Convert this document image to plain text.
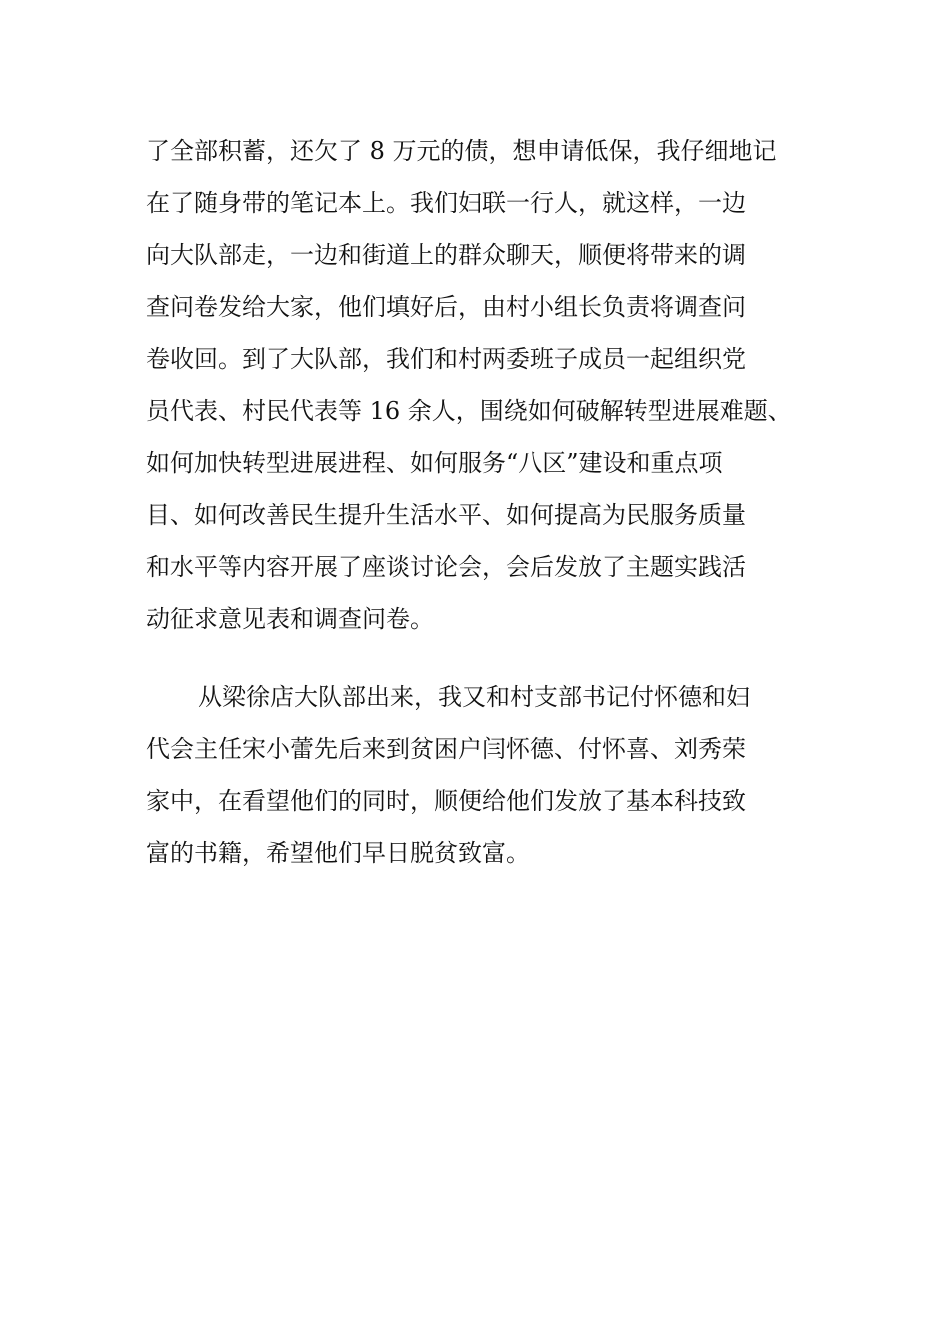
了全部积蓄，还欠了 8 万元的债，想申请低保，我仔细地记
在了随身带的笔记本上。我们妇联一行人，就这样，一边
向大队部走，一边和街道上的群众聊天，顺便将带来的调
查问卷发给大家，他们填好后，由村小组长负责将调查问
卷收回。到了大队部，我们和村两委班子成员一起组织党
员代表、村民代表等 16 余人，围绕如何破解转型进展难题、
如何加快转型进展进程、如何服务“八区”建设和重点项
目、如何改善民生提升生活水平、如何提高为民服务质量
和水平等内容开展了座谈讨论会，会后发放了主题实践活
动征求意见表和调查问卷。
从梁徐店大队部出来，我又和村支部书记付怀德和妇
代会主任宋小蕾先后来到贫困户闫怀德、付怀喜、刘秀荣
家中，在看望他们的同时，顺便给他们发放了基本科技致
富的书籍，希望他们早日脱贫致富。
